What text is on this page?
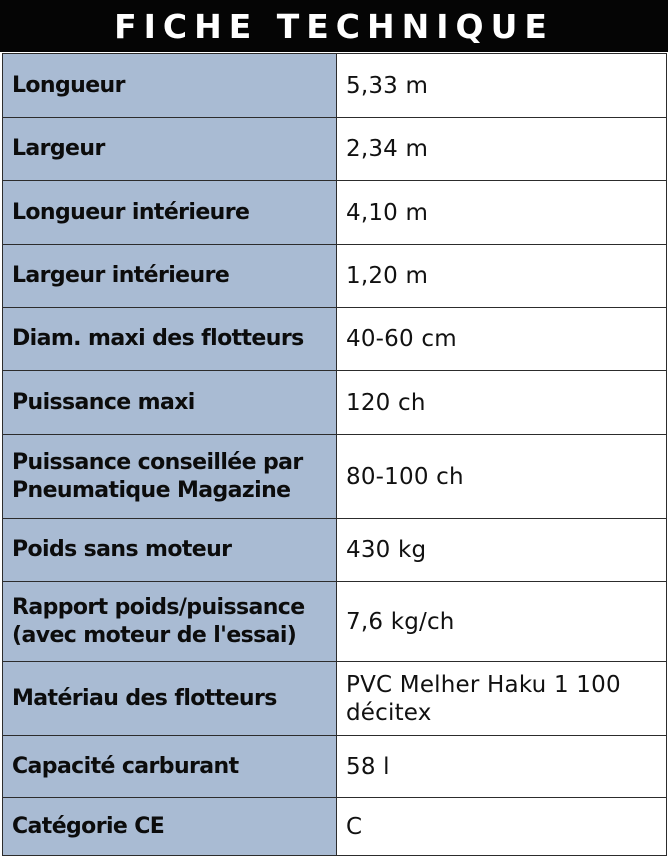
FICHE TECHNIQUE
Longueur	5,33 m
Largeur	2,34 m
Longueur intérieure	4,10 m
Largeur intérieure	1,20 m
Diam. maxi des flotteurs	40-60 cm
Puissance maxi	120 ch
Puissance conseillée par Pneumatique Magazine	80-100 ch
Poids sans moteur	430 kg
Rapport poids/puissance (avec moteur de l'essai)	7,6 kg/ch
Matériau des flotteurs	PVC Melher Haku 1 100 décitex
Capacité carburant	58 l
Catégorie CE	C
